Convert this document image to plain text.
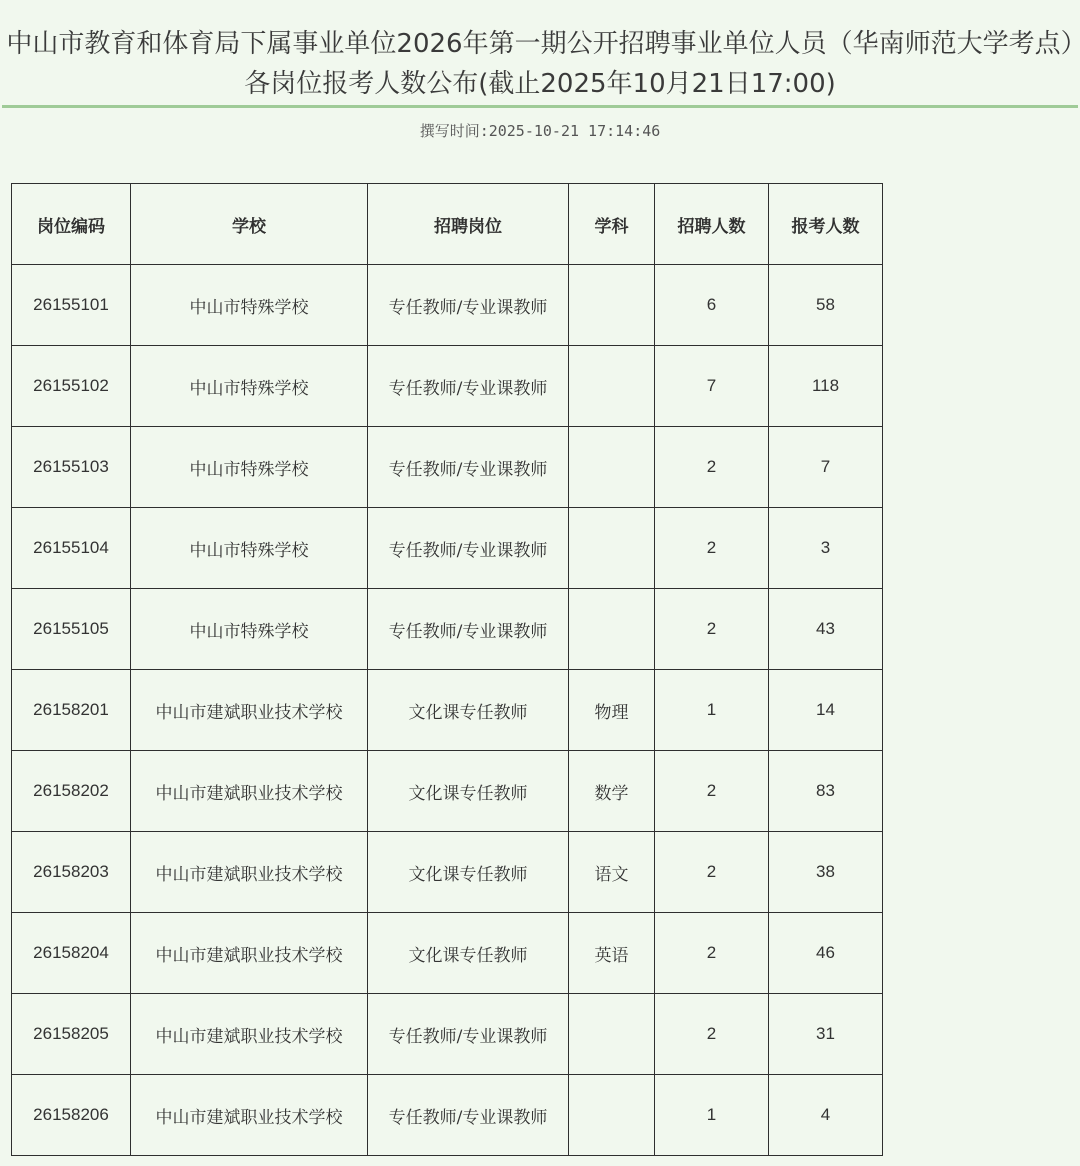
中山市教育和体育局下属事业单位2026年第一期公开招聘事业单位人员（华南师范大学考点）各岗位报考人数公布(截止2025年10月21日17:00)
撰写时间:2025-10-21 17:14:46
岗位编码	学校	招聘岗位	学科	招聘人数	报考人数
26155101	中山市特殊学校	专任教师/专业课教师		6	58
26155102	中山市特殊学校	专任教师/专业课教师		7	118
26155103	中山市特殊学校	专任教师/专业课教师		2	7
26155104	中山市特殊学校	专任教师/专业课教师		2	3
26155105	中山市特殊学校	专任教师/专业课教师		2	43
26158201	中山市建斌职业技术学校	文化课专任教师	物理	1	14
26158202	中山市建斌职业技术学校	文化课专任教师	数学	2	83
26158203	中山市建斌职业技术学校	文化课专任教师	语文	2	38
26158204	中山市建斌职业技术学校	文化课专任教师	英语	2	46
26158205	中山市建斌职业技术学校	专任教师/专业课教师		2	31
26158206	中山市建斌职业技术学校	专任教师/专业课教师		1	4
